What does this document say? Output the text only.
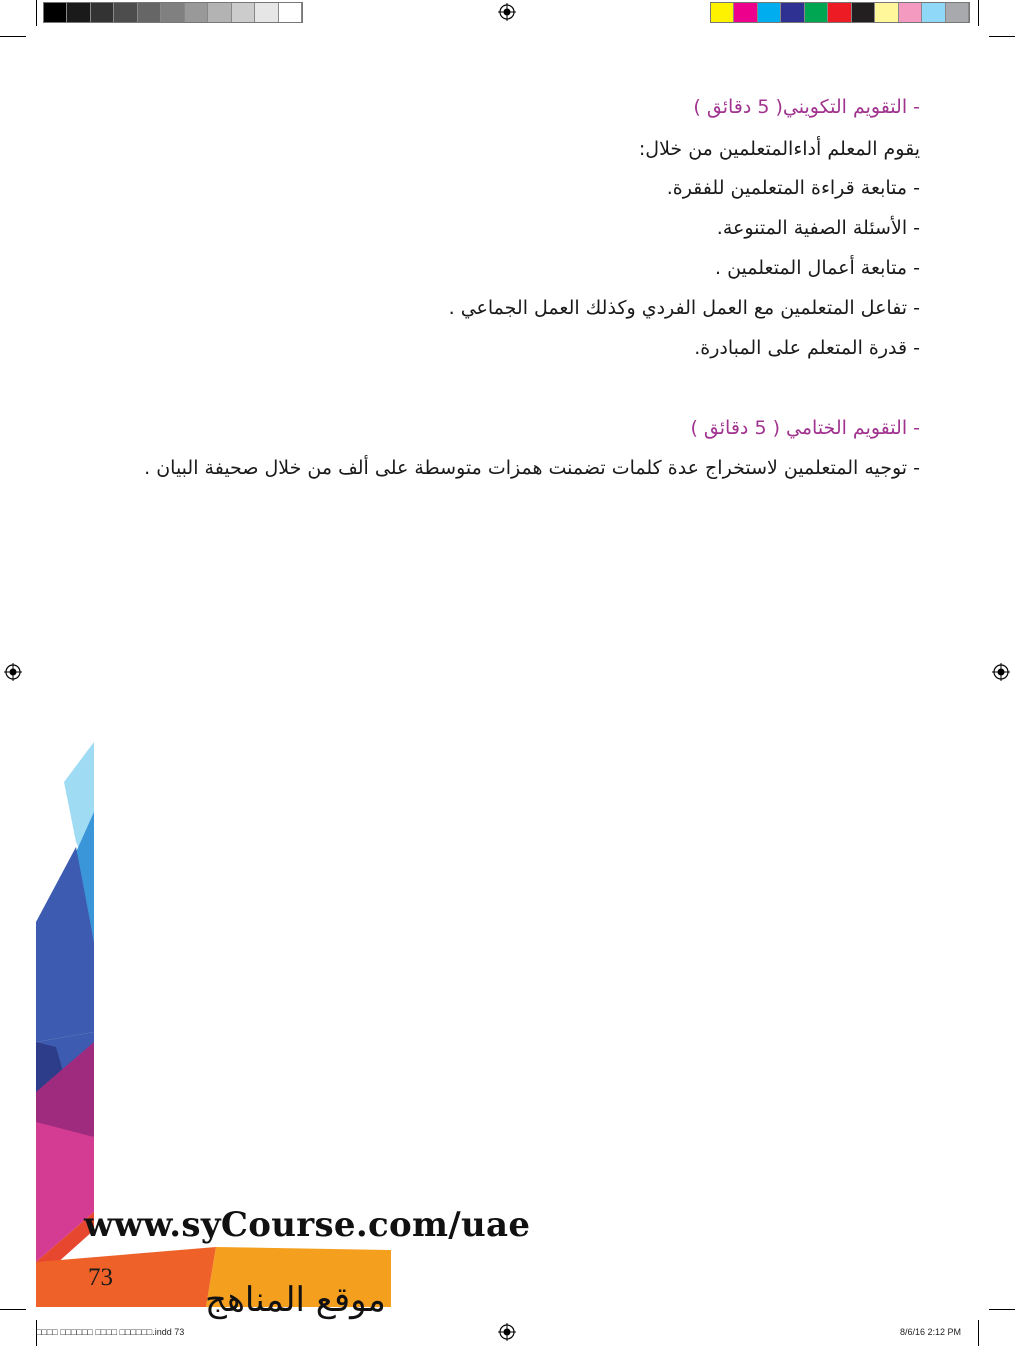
- التقويم التكويني( 5 دقائق )
يقوم المعلم أداءالمتعلمين من خلال:
- متابعة قراءة المتعلمين للفقرة.
- الأسئلة الصفية المتنوعة.
- متابعة أعمال المتعلمين .
- تفاعل المتعلمين مع العمل الفردي وكذلك العمل الجماعي .
- قدرة المتعلم على المبادرة.
- التقويم الختامي ( 5 دقائق )
- توجيه المتعلمين لاستخراج عدة كلمات تضمنت همزات متوسطة على ألف من خلال صحيفة البيان .
www.syCourse.com/uae
73
موقع المناهج
□□□□ □□□□□□ □□□□ □□□□□□.indd 73	8/6/16 2:12 PM
